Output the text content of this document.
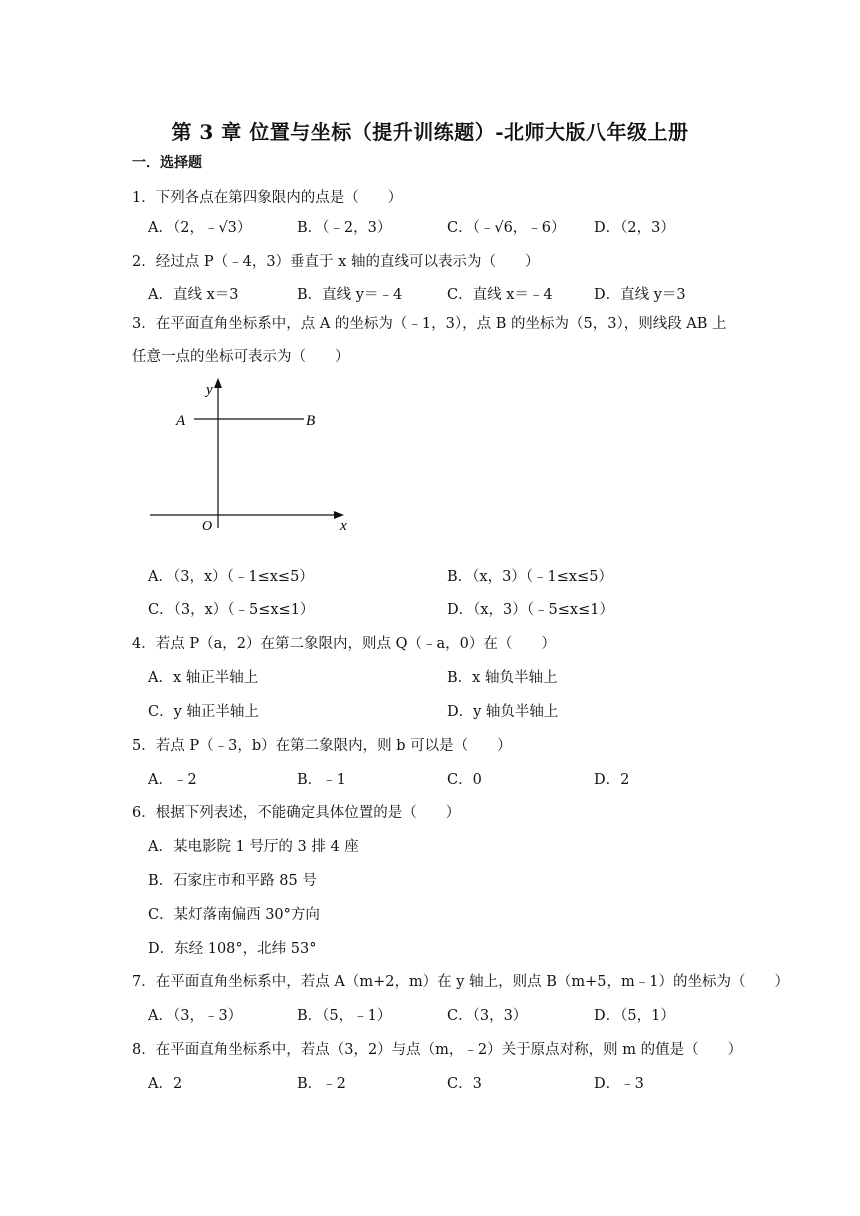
第 3 章 位置与坐标（提升训练题）-北师大版八年级上册
一．选择题
1．下列各点在第四象限内的点是（　　）
A．（2，﹣√3）	B．（﹣2，3）	C．（﹣√6，﹣6） D．（2，3）
2．经过点 P（﹣4，3）垂直于 x 轴的直线可以表示为（　　）
A．直线 x＝3	B．直线 y＝﹣4	C．直线 x＝﹣4	D．直线 y＝3
3．在平面直角坐标系中，点 A 的坐标为（﹣1，3），点 B 的坐标为（5，3），则线段 AB 上任意一点的坐标可表示为（　　）
y
x
O
A	B
A．（3，x）（﹣1≤x≤5）	B．（x，3）（﹣1≤x≤5）
C．（3，x）（﹣5≤x≤1）	D．（x，3）（﹣5≤x≤1）
4．若点 P（a，2）在第二象限内，则点 Q（﹣a，0）在（　　）
A．x 轴正半轴上	B．x 轴负半轴上
C．y 轴正半轴上	D．y 轴负半轴上
5．若点 P（﹣3，b）在第二象限内，则 b 可以是（　　）
A．﹣2	B．﹣1	C．0	D．2
6．根据下列表述，不能确定具体位置的是（　　）
A．某电影院 1 号厅的 3 排 4 座
B．石家庄市和平路 85 号
C．某灯落南偏西 30°方向
D．东经 108°，北纬 53°
7．在平面直角坐标系中，若点 A（m+2，m）在 y 轴上，则点 B（m+5，m﹣1）的坐标为（　　）
A．（3，﹣3）	B．（5，﹣1）	C．（3，3）	D．（5，1）
8．在平面直角坐标系中，若点（3，2）与点（m，﹣2）关于原点对称，则 m 的值是（　　）
A．2	B．﹣2	C．3	D．﹣3
